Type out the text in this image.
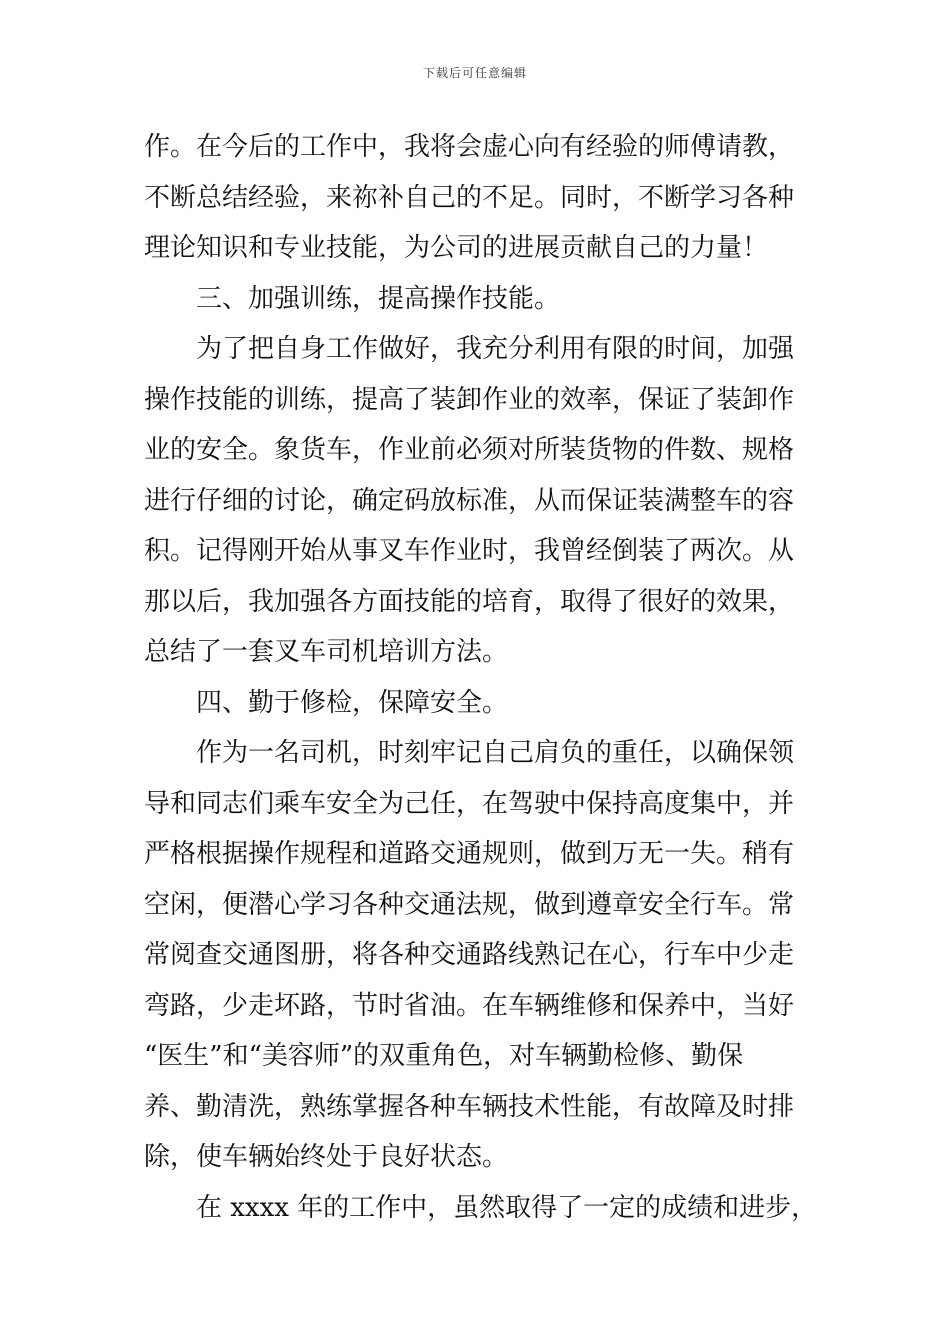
下载后可任意编辑
作。在今后的工作中，我将会虚心向有经验的师傅请教，
不断总结经验，来祢补自己的不足。同时，不断学习各种
理论知识和专业技能，为公司的进展贡献自己的力量！
三、加强训练，提高操作技能。
为了把自身工作做好，我充分利用有限的时间，加强
操作技能的训练，提高了装卸作业的效率，保证了装卸作
业的安全。象货车，作业前必须对所装货物的件数、规格
进行仔细的讨论，确定码放标准，从而保证装满整车的容
积。记得刚开始从事叉车作业时，我曾经倒装了两次。从
那以后，我加强各方面技能的培育，取得了很好的效果，
总结了一套叉车司机培训方法。
四、勤于修检，保障安全。
作为一名司机，时刻牢记自己肩负的重任，以确保领
导和同志们乘车安全为己任，在驾驶中保持高度集中，并
严格根据操作规程和道路交通规则，做到万无一失。稍有
空闲，便潜心学习各种交通法规，做到遵章安全行车。常
常阅查交通图册，将各种交通路线熟记在心，行车中少走
弯路，少走坏路，节时省油。在车辆维修和保养中，当好
“医生”和“美容师”的双重角色，对车辆勤检修、勤保
养、勤清洗，熟练掌握各种车辆技术性能，有故障及时排
除，使车辆始终处于良好状态。
在 xxxx 年的工作中，虽然取得了一定的成绩和进步，
